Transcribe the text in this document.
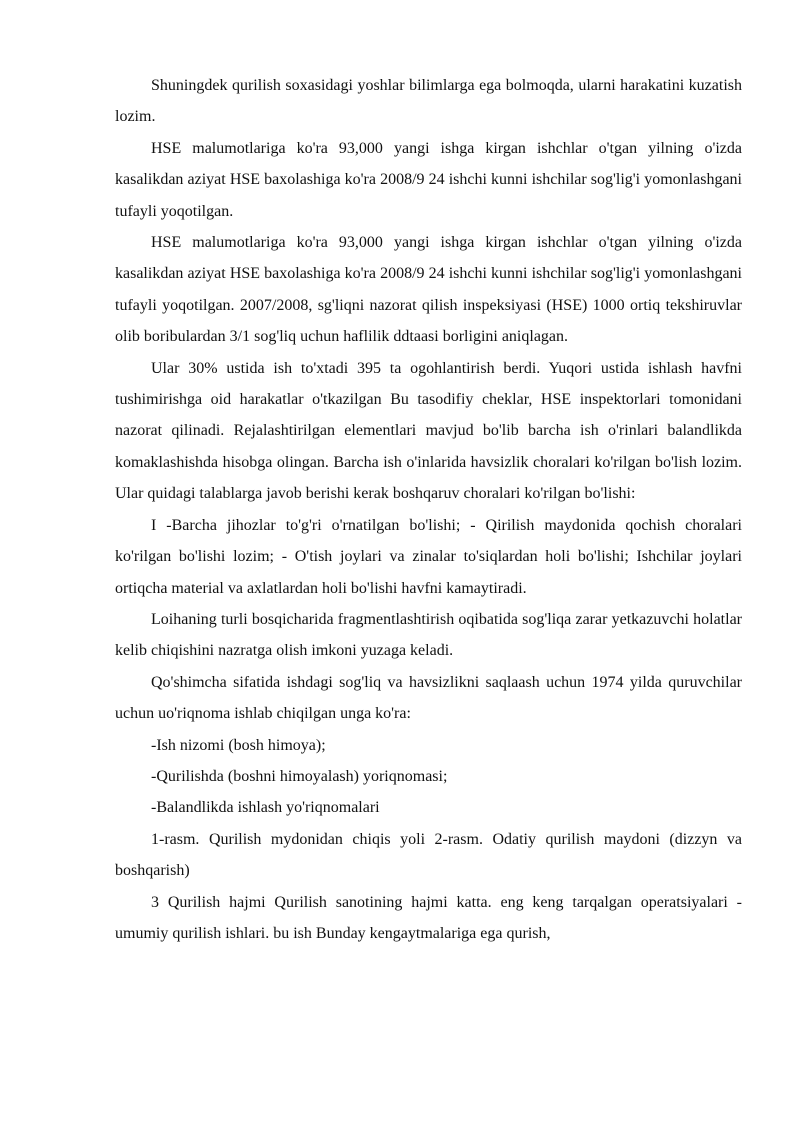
Shuningdek qurilish soxasidagi yoshlar bilimlarga ega bolmoqda, ularni harakatini kuzatish lozim.

HSE malumotlariga ko'ra 93,000 yangi ishga kirgan ishchlar o'tgan yilning o'izda kasalikdan aziyat HSE baxolashiga ko'ra 2008/9 24 ishchi kunni ishchilar sog'lig'i yomonlashgani tufayli yoqotilgan.

HSE malumotlariga ko'ra 93,000 yangi ishga kirgan ishchlar o'tgan yilning o'izda kasalikdan aziyat HSE baxolashiga ko'ra 2008/9 24 ishchi kunni ishchilar sog'lig'i yomonlashgani tufayli yoqotilgan. 2007/2008, sg'liqni nazorat qilish inspeksiyasi (HSE) 1000 ortiq tekshiruvlar olib boribulardan 3/1 sog'liq uchun haflilik ddtaasi borligini aniqlagan.

Ular 30% ustida ish to'xtadi 395 ta ogohlantirish berdi. Yuqori ustida ishlash havfni tushimirishga oid harakatlar o'tkazilgan Bu tasodifiy cheklar, HSE inspektorlari tomonidani nazorat qilinadi. Rejalashtirilgan elementlari mavjud bo'lib barcha ish o'rinlari balandlikda komaklashishda hisobga olingan. Barcha ish o'inlarida havsizlik choralari ko'rilgan bo'lish lozim. Ular quidagi talablarga javob berishi kerak boshqaruv choralari ko'rilgan bo'lishi:

I -Barcha jihozlar to'g'ri o'rnatilgan bo'lishi; - Qirilish maydonida qochish choralari ko'rilgan bo'lishi lozim; - O'tish joylari va zinalar to'siqlardan holi bo'lishi; Ishchilar joylari ortiqcha material va axlatlardan holi bo'lishi havfni kamaytiradi.

Loihaning turli bosqicharida fragmentlashtirish oqibatida sog'liqa zarar yetkazuvchi holatlar kelib chiqishini nazratga olish imkoni yuzaga keladi.

Qo'shimcha sifatida ishdagi sog'liq va havsizlikni saqlaash uchun 1974 yilda quruvchilar uchun uo'riqnoma ishlab chiqilgan unga ko'ra:

-Ish nizomi (bosh himoya);

-Qurilishda (boshni himoyalash) yoriqnomasi;

-Balandlikda ishlash yo'riqnomalari

1-rasm. Qurilish mydonidan chiqis yoli 2-rasm. Odatiy qurilish maydoni (dizzyn va boshqarish)

3 Qurilish hajmi Qurilish sanotining hajmi katta. eng keng tarqalgan operatsiyalari - umumiy qurilish ishlari. bu ish Bunday kengaytmalariga ega qurish,
